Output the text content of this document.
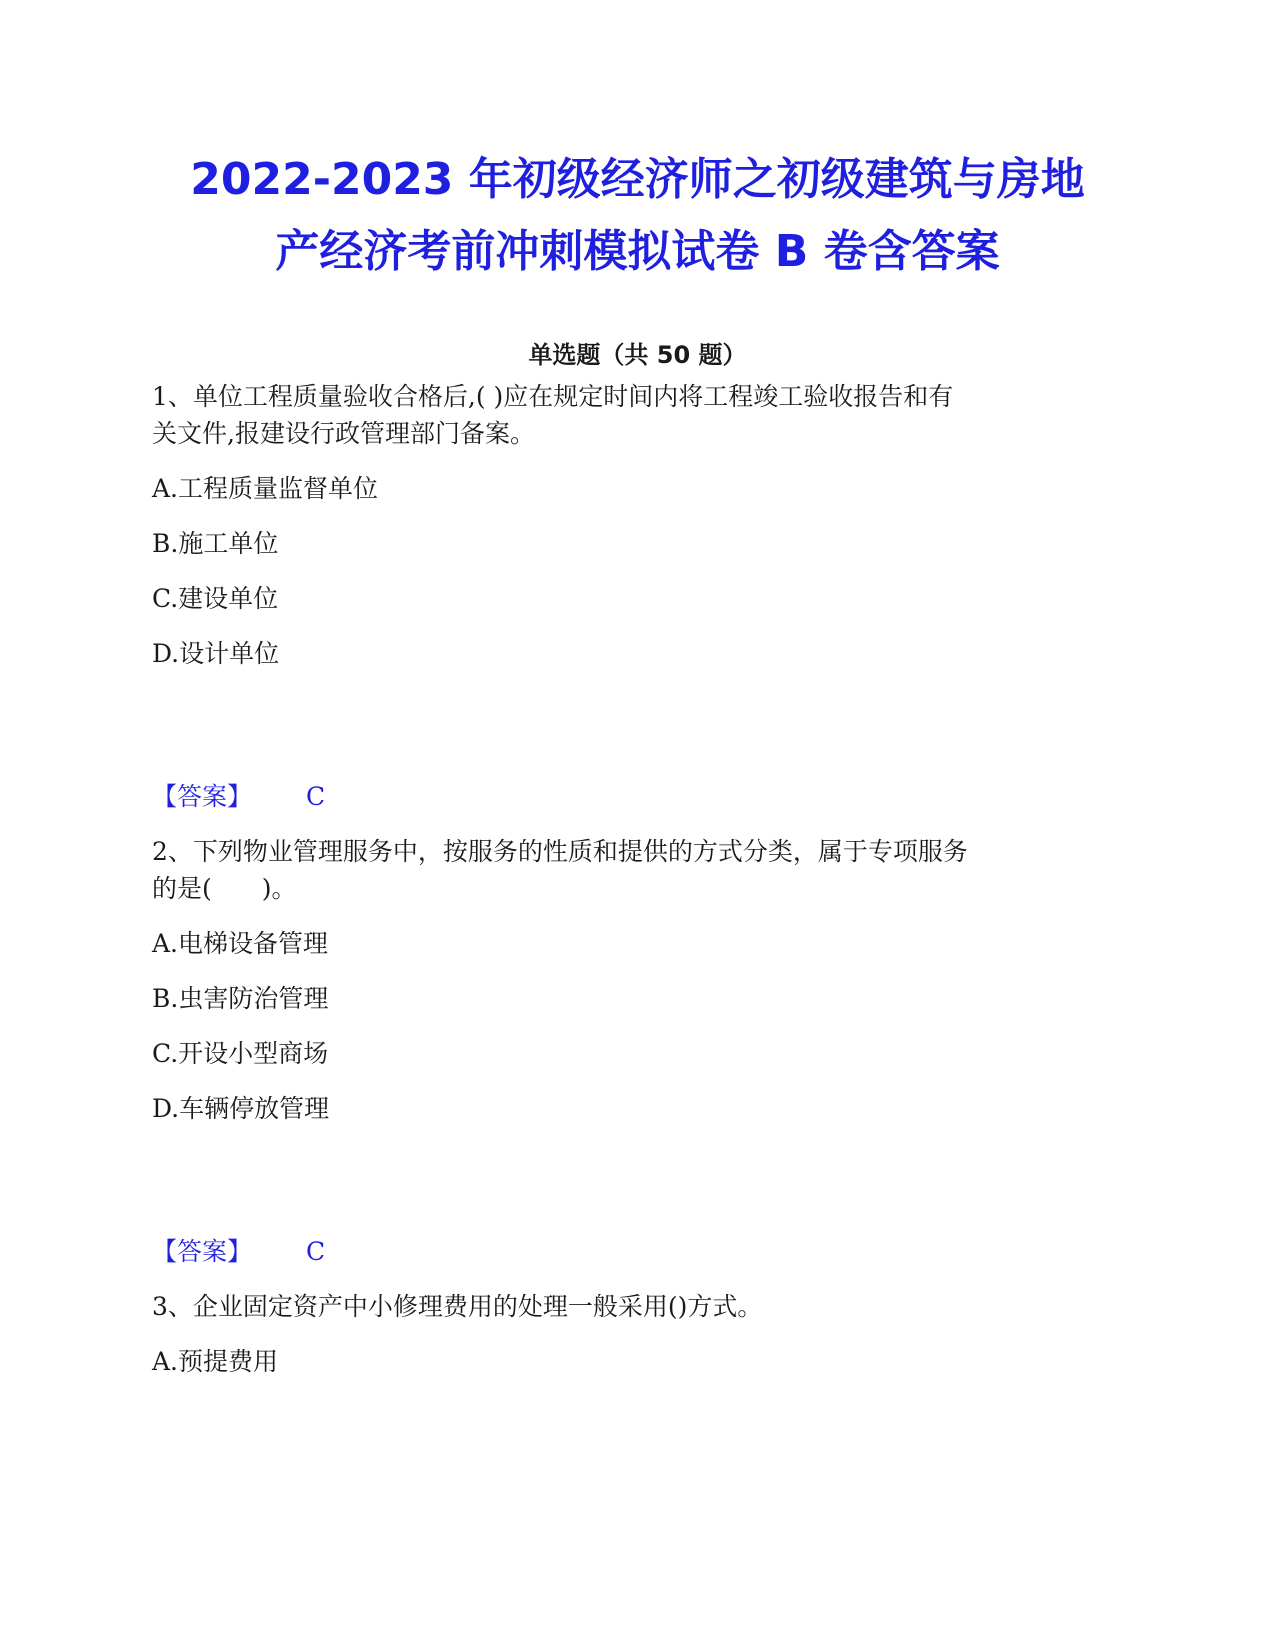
2022-2023 年初级经济师之初级建筑与房地
产经济考前冲刺模拟试卷 B 卷含答案
单选题（共 50 题）

1、单位工程质量验收合格后,( )应在规定时间内将工程竣工验收报告和有

关文件,报建设行政管理部门备案。

A.工程质量监督单位

B.施工单位

C.建设单位

D.设计单位

【答案】 C

2、下列物业管理服务中，按服务的性质和提供的方式分类，属于专项服务

的是(　　)。

A.电梯设备管理

B.虫害防治管理

C.开设小型商场

D.车辆停放管理

【答案】 C

3、企业固定资产中小修理费用的处理一般采用()方式。

A.预提费用
